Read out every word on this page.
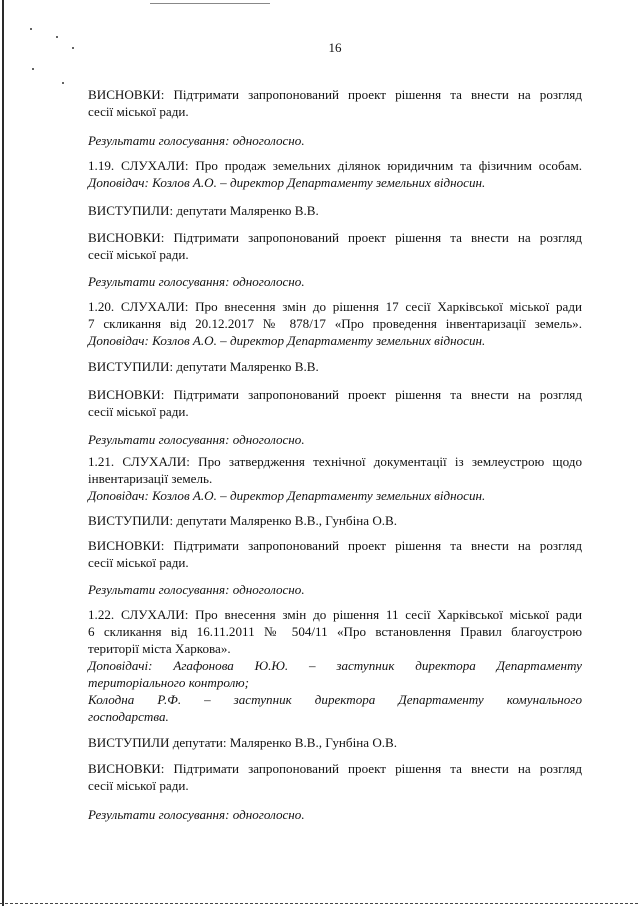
16
ВИСНОВКИ: Підтримати запропонований проект рішення та внести на розгляд
сесії міської ради.
Результати голосування: одноголосно.
1.19. СЛУХАЛИ: Про продаж земельних ділянок юридичним та фізичним особам.
Доповідач: Козлов А.О. – директор Департаменту земельних відносин.
ВИСТУПИЛИ: депутати Маляренко В.В.
ВИСНОВКИ: Підтримати запропонований проект рішення та внести на розгляд
сесії міської ради.
Результати голосування: одноголосно.
1.20. СЛУХАЛИ: Про внесення змін до рішення 17 сесії Харківської міської ради
7 скликання від 20.12.2017 № 878/17 «Про проведення інвентаризації земель».
Доповідач: Козлов А.О. – директор Департаменту земельних відносин.
ВИСТУПИЛИ: депутати Маляренко В.В.
ВИСНОВКИ: Підтримати запропонований проект рішення та внести на розгляд
сесії міської ради.
Результати голосування: одноголосно.
1.21. СЛУХАЛИ: Про затвердження технічної документації із землеустрою щодо
інвентаризації земель.
Доповідач: Козлов А.О. – директор Департаменту земельних відносин.
ВИСТУПИЛИ: депутати Маляренко В.В., Гунбіна О.В.
ВИСНОВКИ: Підтримати запропонований проект рішення та внести на розгляд
сесії міської ради.
Результати голосування: одноголосно.
1.22. СЛУХАЛИ: Про внесення змін до рішення 11 сесії Харківської міської ради
6 скликання від 16.11.2011 № 504/11 «Про встановлення Правил благоустрою
території міста Харкова».
Доповідачі: Агафонова Ю.Ю. – заступник директора Департаменту
територіального контролю;
Колодна Р.Ф. – заступник директора Департаменту комунального
господарства.
ВИСТУПИЛИ депутати: Маляренко В.В., Гунбіна О.В.
ВИСНОВКИ: Підтримати запропонований проект рішення та внести на розгляд
сесії міської ради.
Результати голосування: одноголосно.
